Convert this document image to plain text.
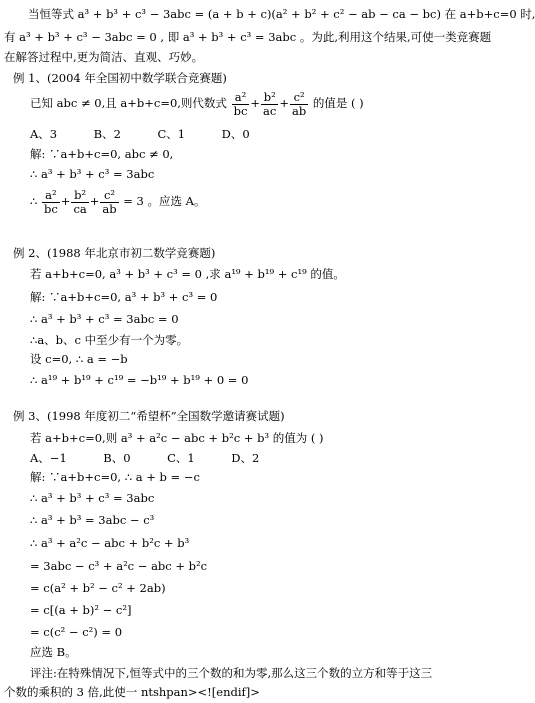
当恒等式 a³ + b³ + c³ − 3abc = (a + b + c)(a² + b² + c² − ab − ca − bc) 在 a+b+c=0 时,
有 a³ + b³ + c³ − 3abc = 0 , 即 a³ + b³ + c³ = 3abc 。为此,利用这个结果,可使一类竞赛题
在解答过程中,更为简洁、直观、巧妙。
例 1、(2004 年全国初中数学联合竞赛题)
已知 abc ≠ 0,且 a+b+c=0,则代数式 $\frac{\text{a²}}{bc} + \frac{\text{b²}}{ac} + \frac{\text{c²}}{ab}$ 的值是 ( )
A、3          B、2          C、1          D、0
解: ∵a+b+c=0, abc ≠ 0,
∴ a³ + b³ + c³ = 3abc
∴ $\frac{\text{a²}}{bc} + \frac{\text{b²}}{ca} + \frac{\text{c²}}{ab} = 3$ 。应选 A。
例 2、(1988 年北京市初二数学竞赛题)
若 a+b+c=0, a³ + b³ + c³ = 0 ,求 a¹⁹ + b¹⁹ + c¹⁹ 的值。
解: ∵a+b+c=0, a³ + b³ + c³ = 0
∴ a³ + b³ + c³ = 3abc = 0
∴a、b、c 中至少有一个为零。
设 c=0, ∴ a = −b
∴ a¹⁹ + b¹⁹ + c¹⁹ = −b¹⁹ + b¹⁹ + 0 = 0
例 3、(1998 年度初二“希望杯”全国数学邀请赛试题)
若 a+b+c=0,则 a³ + a²c − abc + b²c + b³ 的值为 ( )
A、−1          B、0          C、1          D、2
解: ∵a+b+c=0, ∴ a + b = −c
∴ a³ + b³ + c³ = 3abc
∴ a³ + b³ = 3abc − c³
∴ a³ + a²c − abc + b²c + b³
= 3abc − c³ + a²c − abc + b²c
= c(a² + b² − c² + 2ab)
= c[(a + b)² − c²]
= c(c² − c²) = 0
应选 B。
评注:在特殊情况下,恒等式中的三个数的和为零,那么这三个数的立方和等于这三
个数的乘积的 3 倍,此使一 ntshpan><![endif]>
